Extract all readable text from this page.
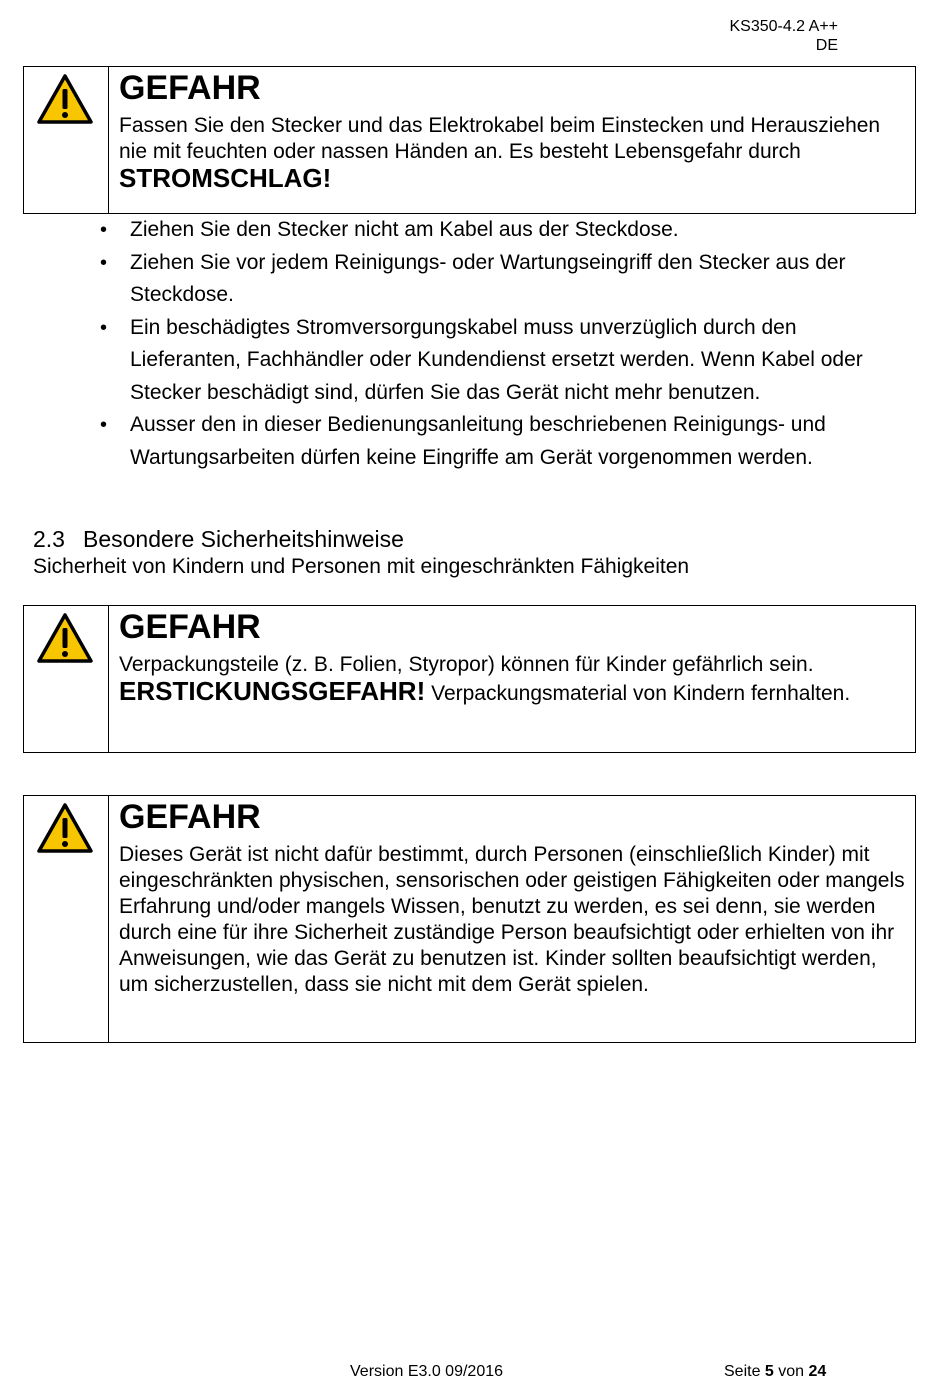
KS350-4.2 A++
DE
GEFAHR
Fassen Sie den Stecker und das Elektrokabel beim Einstecken und Herausziehen nie mit feuchten oder nassen Händen an. Es besteht Lebensgefahr durch STROMSCHLAG!
• Ziehen Sie den Stecker nicht am Kabel aus der Steckdose.
• Ziehen Sie vor jedem Reinigungs- oder Wartungseingriff den Stecker aus der Steckdose.
• Ein beschädigtes Stromversorgungskabel muss unverzüglich durch den Lieferanten, Fachhändler oder Kundendienst ersetzt werden. Wenn Kabel oder Stecker beschädigt sind, dürfen Sie das Gerät nicht mehr benutzen.
• Ausser den in dieser Bedienungsanleitung beschriebenen Reinigungs- und Wartungsarbeiten dürfen keine Eingriffe am Gerät vorgenommen werden.
2.3 Besondere Sicherheitshinweise
Sicherheit von Kindern und Personen mit eingeschränkten Fähigkeiten
GEFAHR
Verpackungsteile (z. B. Folien, Styropor) können für Kinder gefährlich sein.
ERSTICKUNGSGEFAHR! Verpackungsmaterial von Kindern fernhalten.
GEFAHR
Dieses Gerät ist nicht dafür bestimmt, durch Personen (einschließlich Kinder) mit eingeschränkten physischen, sensorischen oder geistigen Fähigkeiten oder mangels Erfahrung und/oder mangels Wissen, benutzt zu werden, es sei denn, sie werden durch eine für ihre Sicherheit zuständige Person beaufsichtigt oder erhielten von ihr Anweisungen, wie das Gerät zu benutzen ist. Kinder sollten beaufsichtigt werden, um sicherzustellen, dass sie nicht mit dem Gerät spielen.
Version E3.0 09/2016	Seite 5 von 24
